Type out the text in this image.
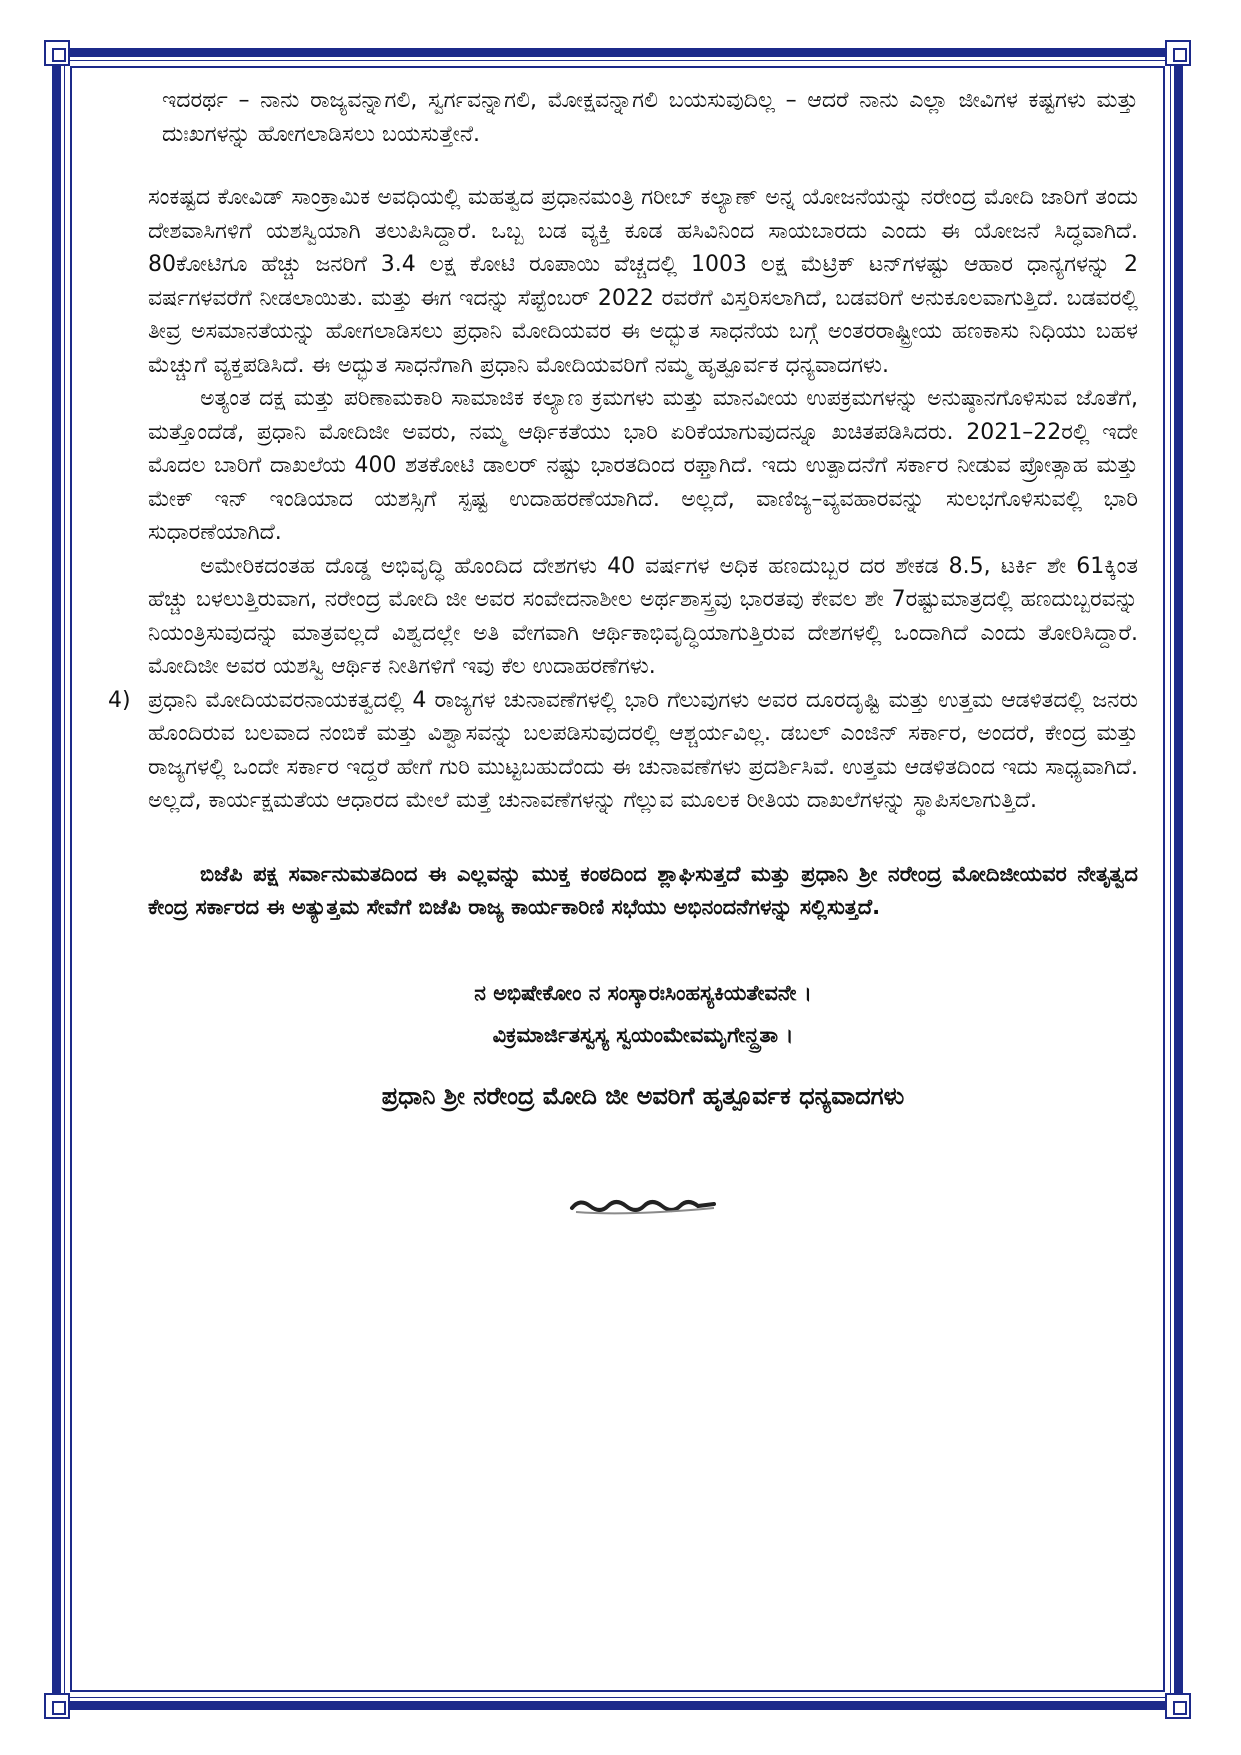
ಇದರರ್ಥ – ನಾನು ರಾಜ್ಯವನ್ನಾಗಲಿ, ಸ್ವರ್ಗವನ್ನಾಗಲಿ, ಮೋಕ್ಷವನ್ನಾಗಲಿ ಬಯಸುವುದಿಲ್ಲ – ಆದರೆ ನಾನು ಎಲ್ಲಾ ಜೀವಿಗಳ ಕಷ್ಟಗಳು ಮತ್ತು ದುಃಖಗಳನ್ನು ಹೋಗಲಾಡಿಸಲು ಬಯಸುತ್ತೇನೆ.

ಸಂಕಷ್ಟದ ಕೋವಿಡ್ ಸಾಂಕ್ರಾಮಿಕ ಅವಧಿಯಲ್ಲಿ ಮಹತ್ವದ ಪ್ರಧಾನಮಂತ್ರಿ ಗರೀಬ್ ಕಲ್ಯಾಣ್ ಅನ್ನ ಯೋಜನೆಯನ್ನು ನರೇಂದ್ರ ಮೋದಿ ಜಾರಿಗೆ ತಂದು ದೇಶವಾಸಿಗಳಿಗೆ ಯಶಸ್ವಿಯಾಗಿ ತಲುಪಿಸಿದ್ದಾರೆ. ಒಬ್ಬ ಬಡ ವ್ಯಕ್ತಿ ಕೂಡ ಹಸಿವಿನಿಂದ ಸಾಯಬಾರದು ಎಂದು ಈ ಯೋಜನೆ ಸಿದ್ಧವಾಗಿದೆ. 80ಕೋಟಿಗೂ ಹೆಚ್ಚು ಜನರಿಗೆ 3.4 ಲಕ್ಷ ಕೋಟಿ ರೂಪಾಯಿ ವೆಚ್ಚದಲ್ಲಿ 1003 ಲಕ್ಷ ಮೆಟ್ರಿಕ್ ಟನ್‌ಗಳಷ್ಟು ಆಹಾರ ಧಾನ್ಯಗಳನ್ನು 2 ವರ್ಷಗಳವರೆಗೆ ನೀಡಲಾಯಿತು. ಮತ್ತು ಈಗ ಇದನ್ನು ಸೆಪ್ಟೆಂಬರ್ 2022 ರವರೆಗೆ ವಿಸ್ತರಿಸಲಾಗಿದೆ, ಬಡವರಿಗೆ ಅನುಕೂಲವಾಗುತ್ತಿದೆ. ಬಡವರಲ್ಲಿ ತೀವ್ರ ಅಸಮಾನತೆಯನ್ನು ಹೋಗಲಾಡಿಸಲು ಪ್ರಧಾನಿ ಮೋದಿಯವರ ಈ ಅದ್ಭುತ ಸಾಧನೆಯ ಬಗ್ಗೆ ಅಂತರರಾಷ್ಟ್ರೀಯ ಹಣಕಾಸು ನಿಧಿಯು ಬಹಳ ಮೆಚ್ಚುಗೆ ವ್ಯಕ್ತಪಡಿಸಿದೆ. ಈ ಅದ್ಭುತ ಸಾಧನೆಗಾಗಿ ಪ್ರಧಾನಿ ಮೋದಿಯವರಿಗೆ ನಮ್ಮ ಹೃತ್ಪೂರ್ವಕ ಧನ್ಯವಾದಗಳು.

ಅತ್ಯಂತ ದಕ್ಷ ಮತ್ತು ಪರಿಣಾಮಕಾರಿ ಸಾಮಾಜಿಕ ಕಲ್ಯಾಣ ಕ್ರಮಗಳು ಮತ್ತು ಮಾನವೀಯ ಉಪಕ್ರಮಗಳನ್ನು ಅನುಷ್ಠಾನಗೊಳಿಸುವ ಜೊತೆಗೆ, ಮತ್ತೊಂದೆಡೆ, ಪ್ರಧಾನಿ ಮೋದಿಜೀ ಅವರು, ನಮ್ಮ ಆರ್ಥಿಕತೆಯು ಭಾರಿ ಏರಿಕೆಯಾಗುವುದನ್ನೂ ಖಚಿತಪಡಿಸಿದರು. 2021–22ರಲ್ಲಿ ಇದೇ ಮೊದಲ ಬಾರಿಗೆ ದಾಖಲೆಯ 400 ಶತಕೋಟಿ ಡಾಲರ್ ನಷ್ಟು ಭಾರತದಿಂದ ರಫ್ತಾಗಿದೆ. ಇದು ಉತ್ಪಾದನೆಗೆ ಸರ್ಕಾರ ನೀಡುವ ಪ್ರೋತ್ಸಾಹ ಮತ್ತು ಮೇಕ್ ಇನ್ ಇಂಡಿಯಾದ ಯಶಸ್ಸಿಗೆ ಸ್ಪಷ್ಟ ಉದಾಹರಣೆಯಾಗಿದೆ. ಅಲ್ಲದೆ, ವಾಣಿಜ್ಯ–ವ್ಯವಹಾರವನ್ನು ಸುಲಭಗೊಳಿಸುವಲ್ಲಿ ಭಾರಿ ಸುಧಾರಣೆಯಾಗಿದೆ.

ಅಮೇರಿಕದಂತಹ ದೊಡ್ಡ ಅಭಿವೃದ್ಧಿ ಹೊಂದಿದ ದೇಶಗಳು 40 ವರ್ಷಗಳ ಅಧಿಕ ಹಣದುಬ್ಬರ ದರ ಶೇಕಡ 8.5, ಟರ್ಕಿ ಶೇ 61ಕ್ಕಿಂತ ಹೆಚ್ಚು ಬಳಲುತ್ತಿರುವಾಗ, ನರೇಂದ್ರ ಮೋದಿ ಜೀ ಅವರ ಸಂವೇದನಾಶೀಲ ಅರ್ಥಶಾಸ್ತ್ರವು ಭಾರತವು ಕೇವಲ ಶೇ 7ರಷ್ಟುಮಾತ್ರದಲ್ಲಿ ಹಣದುಬ್ಬರವನ್ನು ನಿಯಂತ್ರಿಸುವುದನ್ನು ಮಾತ್ರವಲ್ಲದೆ ವಿಶ್ವದಲ್ಲೇ ಅತಿ ವೇಗವಾಗಿ ಆರ್ಥಿಕಾಭಿವೃದ್ಧಿಯಾಗುತ್ತಿರುವ ದೇಶಗಳಲ್ಲಿ ಒಂದಾಗಿದೆ ಎಂದು ತೋರಿಸಿದ್ದಾರೆ. ಮೋದಿಜೀ ಅವರ ಯಶಸ್ವಿ ಆರ್ಥಿಕ ನೀತಿಗಳಿಗೆ ಇವು ಕೆಲ ಉದಾಹರಣೆಗಳು.

4) ಪ್ರಧಾನಿ ಮೋದಿಯವರನಾಯಕತ್ವದಲ್ಲಿ 4 ರಾಜ್ಯಗಳ ಚುನಾವಣೆಗಳಲ್ಲಿ ಭಾರಿ ಗೆಲುವುಗಳು ಅವರ ದೂರದೃಷ್ಟಿ ಮತ್ತು ಉತ್ತಮ ಆಡಳಿತದಲ್ಲಿ ಜನರು ಹೊಂದಿರುವ ಬಲವಾದ ನಂಬಿಕೆ ಮತ್ತು ವಿಶ್ವಾಸವನ್ನು ಬಲಪಡಿಸುವುದರಲ್ಲಿ ಆಶ್ಚರ್ಯವಿಲ್ಲ. ಡಬಲ್ ಎಂಜಿನ್ ಸರ್ಕಾರ, ಅಂದರೆ, ಕೇಂದ್ರ ಮತ್ತು ರಾಜ್ಯಗಳಲ್ಲಿ ಒಂದೇ ಸರ್ಕಾರ ಇದ್ದರೆ ಹೇಗೆ ಗುರಿ ಮುಟ್ಟಬಹುದೆಂದು ಈ ಚುನಾವಣೆಗಳು ಪ್ರದರ್ಶಿಸಿವೆ. ಉತ್ತಮ ಆಡಳಿತದಿಂದ ಇದು ಸಾಧ್ಯವಾಗಿದೆ. ಅಲ್ಲದೆ, ಕಾರ್ಯಕ್ಷಮತೆಯ ಆಧಾರದ ಮೇಲೆ ಮತ್ತೆ ಚುನಾವಣೆಗಳನ್ನು ಗೆಲ್ಲುವ ಮೂಲಕ ರೀತಿಯ ದಾಖಲೆಗಳನ್ನು ಸ್ಥಾಪಿಸಲಾಗುತ್ತಿದೆ.

ಬಿಜೆಪಿ ಪಕ್ಷ ಸರ್ವಾನುಮತದಿಂದ ಈ ಎಲ್ಲವನ್ನು ಮುಕ್ತ ಕಂಠದಿಂದ ಶ್ಲಾಘಿಸುತ್ತದೆ ಮತ್ತು ಪ್ರಧಾನಿ ಶ್ರೀ ನರೇಂದ್ರ ಮೋದಿಜೀಯವರ ನೇತೃತ್ವದ ಕೇಂದ್ರ ಸರ್ಕಾರದ ಈ ಅತ್ಯುತ್ತಮ ಸೇವೆಗೆ ಬಿಜೆಪಿ ರಾಜ್ಯ ಕಾರ್ಯಕಾರಿಣಿ ಸಭೆಯು ಅಭಿನಂದನೆಗಳನ್ನು ಸಲ್ಲಿಸುತ್ತದೆ.

ನ ಅಭಿಷೇಕೋಂ ನ ಸಂಸ್ಕಾರಃಸಿಂಹಸ್ಯಕಿಯತೇವನೇ ।

ವಿಕ್ರಮಾರ್ಜಿತಸ್ವಸ್ಯ ಸ್ವಯಂಮೇವಮೃಗೇನ್ದ್ರತಾ ।

ಪ್ರಧಾನಿ ಶ್ರೀ ನರೇಂದ್ರ ಮೋದಿ ಜೀ ಅವರಿಗೆ ಹೃತ್ಪೂರ್ವಕ ಧನ್ಯವಾದಗಳು
